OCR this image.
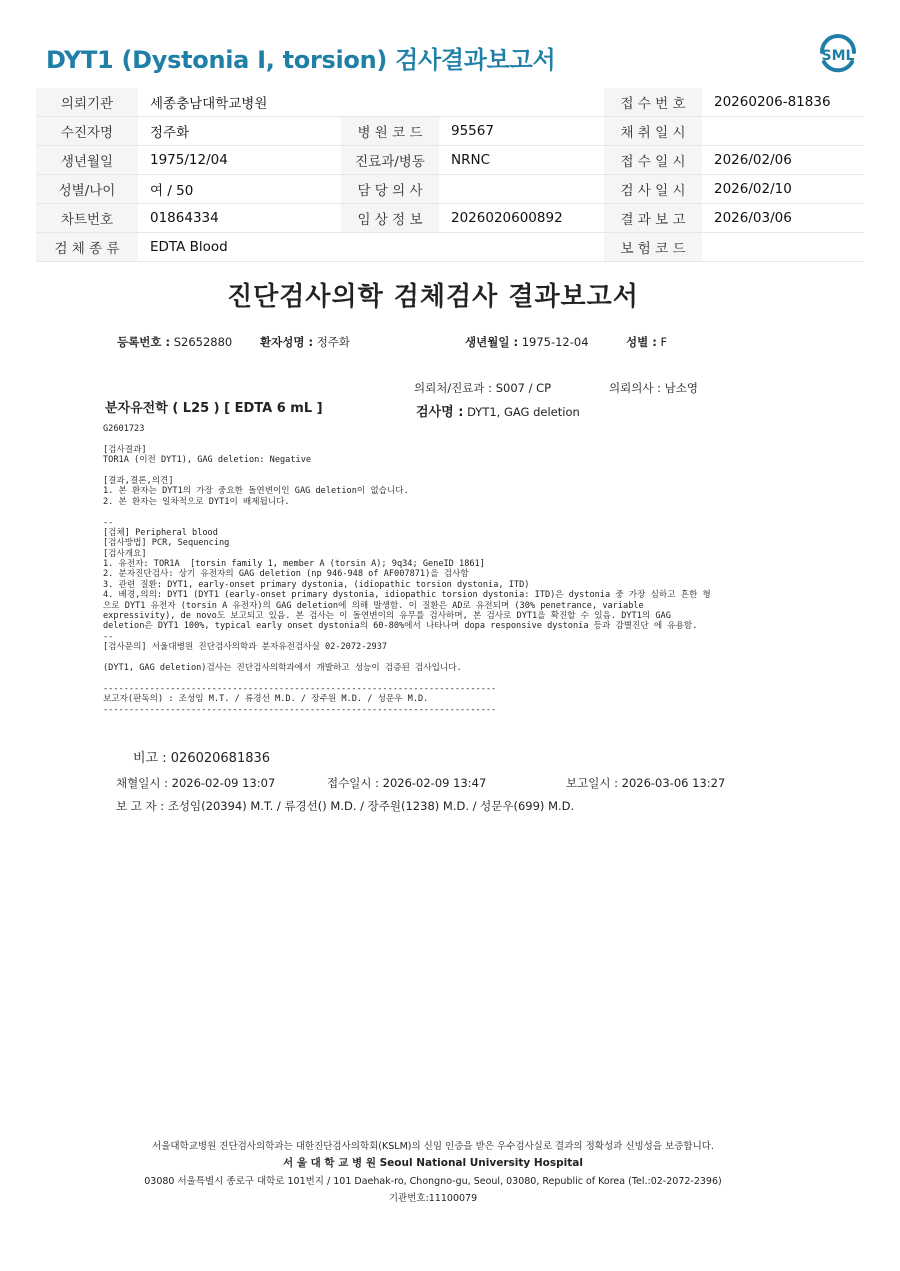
DYT1 (Dystonia I, torsion) 검사결과보고서	SML
의뢰기관	세종충남대학교병원			접 수 번 호	20260206-81836
수진자명	정주화	병 원 코 드	95567	채 취 일 시	
생년월일	1975/12/04	진료과/병동	NRNC	접 수 일 시	2026/02/06
성별/나이	여 / 50	담 당 의 사		검 사 일 시	2026/02/10
차트번호	01864334	임 상 정 보	2026020600892	결 과 보 고	2026/03/06
검 체 종 류	EDTA Blood			보 험 코 드	
진단검사의학 검체검사 결과보고서
등록번호 : S2652880 환자성명 : 정주화	생년월일 : 1975-12-04	성별 : F
의뢰처/진료과 : S007 / CP	의뢰의사 : 남소영
분자유전학 ( L25 ) [ EDTA 6 mL ]	검사명 : DYT1, GAG deletion
G2601723
[검사결과]
TOR1A (이전 DYT1), GAG deletion: Negative
[결과,결론,의견]
1. 본 환자는 DYT1의 가장 중요한 돌연변이인 GAG deletion이 없습니다.
2. 본 환자는 일차적으로 DYT1이 배제됩니다.
--
[검체] Peripheral blood
[검사방법] PCR, Sequencing
[검사개요]
1. 유전자: TOR1A  [torsin family 1, member A (torsin A); 9q34; GeneID 1861]
2. 분자진단검사: 상기 유전자의 GAG deletion (np 946-948 of AF007871)을 검사함
3. 관련 질환: DYT1, early-onset primary dystonia, (idiopathic torsion dystonia, ITD)
4. 배경,의의: DYT1 (DYT1 (early-onset primary dystonia, idiopathic torsion dystonia: ITD)은 dystonia 중 가장 심하고 흔한 형
으로 DYT1 유전자 (torsin A 유전자)의 GAG deletion에 의해 발생함. 이 질환은 AD로 유전되며 (30% penetrance, variable
expressivity), de novo도 보고되고 있음. 본 검사는 이 돌연변이의 유무를 검사하며, 본 검사로 DYT1을 확진할 수 있음. DYT1의 GAG
deletion은 DYT1 100%, typical early onset dystonia의 60-80%에서 나타나며 dopa responsive dystonia 등과 감별진단 에 유용함.
--
[검사문의] 서울대병원 진단검사의학과 분자유전검사실 02-2072-2937
(DYT1, GAG deletion)검사는 진단검사의학과에서 개발하고 성능이 검증된 검사입니다.
----------------------------------------------------------------------------
보고자(판독의) : 조성임 M.T. / 류경선 M.D. / 장주원 M.D. / 성문우 M.D.
----------------------------------------------------------------------------
비고 : 026020681836
채혈일시 : 2026-02-09 13:07	접수일시 : 2026-02-09 13:47	보고일시 : 2026-03-06 13:27
보 고 자 : 조성임(20394) M.T. / 류경선() M.D. / 장주원(1238) M.D. / 성문우(699) M.D.
서울대학교병원 진단검사의학과는 대한진단검사의학회(KSLM)의 신임 인증을 받은 우수검사실로 결과의 정확성과 신빙성을 보증합니다.
서 울 대 학 교 병 원 Seoul National University Hospital
03080 서울특별시 종로구 대학로 101번지 / 101 Daehak-ro, Chongno-gu, Seoul, 03080, Republic of Korea (Tel.:02-2072-2396)
기관번호:11100079
